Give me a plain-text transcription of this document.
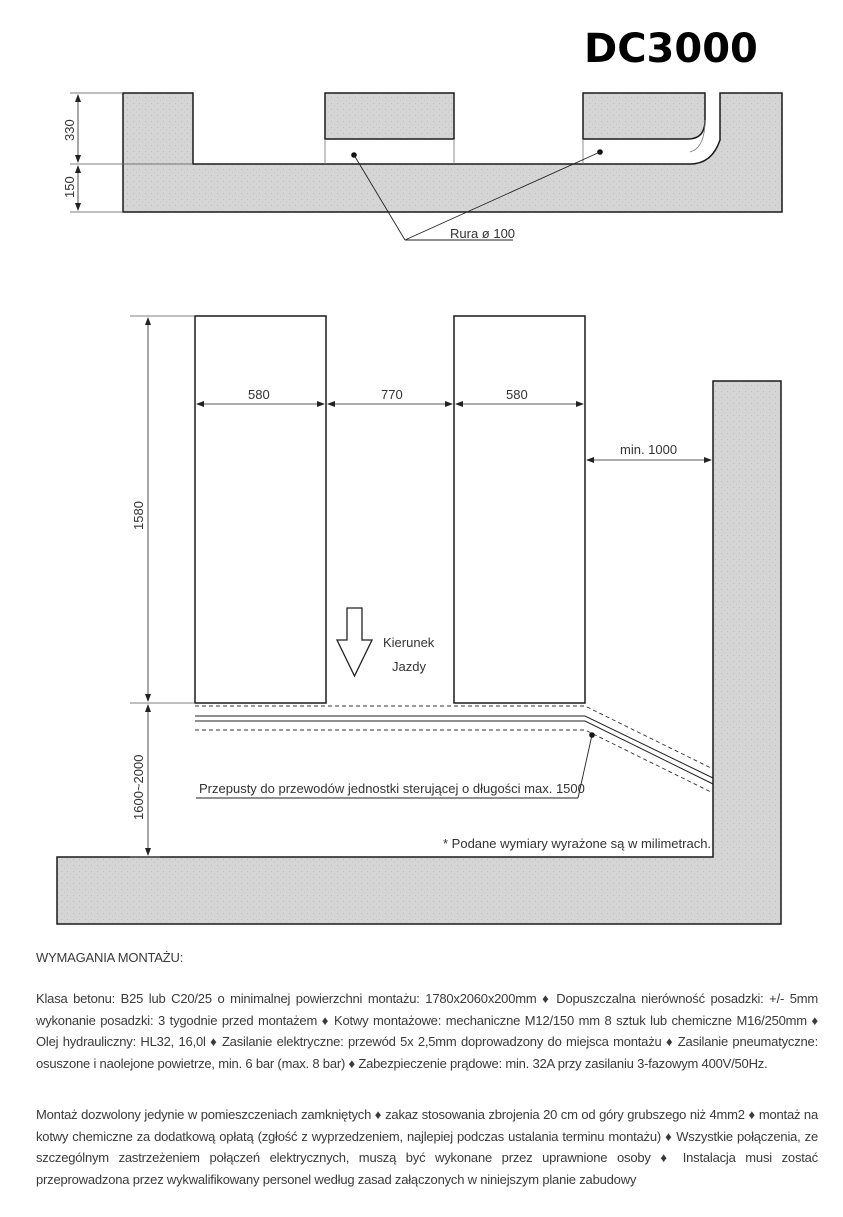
DC3000
330
150
Rura ø 100
580	770	580
min. 1000
1580
1600~2000
Kierunek
Jazdy
Przepusty do przewodów jednostki sterującej o długości max. 1500
* Podane wymiary wyrażone są w milimetrach.
WYMAGANIA MONTAŻU:
Klasa betonu: B25 lub C20/25 o minimalnej powierzchni montażu: 1780x2060x200mm ♦ Dopuszczalna nierówność posadzki: +/- 5mm wykonanie posadzki: 3 tygodnie przed montażem ♦ Kotwy montażowe: mechaniczne M12/150 mm 8 sztuk lub chemiczne M16/250mm ♦ Olej hydrauliczny: HL32, 16,0l ♦ Zasilanie elektryczne: przewód 5x 2,5mm doprowadzony do miejsca montażu ♦ Zasilanie pneumatyczne: osuszone i naolejone powietrze, min. 6 bar (max. 8 bar) ♦ Zabezpieczenie prądowe: min. 32A przy zasilaniu 3-fazowym 400V/50Hz.
Montaż dozwolony jedynie w pomieszczeniach zamkniętych ♦ zakaz stosowania zbrojenia 20 cm od góry grubszego niż 4mm2 ♦ montaż na kotwy chemiczne za dodatkową opłatą (zgłość z wyprzedzeniem, najlepiej podczas ustalania terminu montażu) ♦ Wszystkie połączenia, ze szczególnym zastrzeżeniem połączeń elektrycznych, muszą być wykonane przez uprawnione osoby ♦ Instalacja musi zostać przeprowadzona przez wykwalifikowany personel według zasad załączonych w niniejszym planie zabudowy
